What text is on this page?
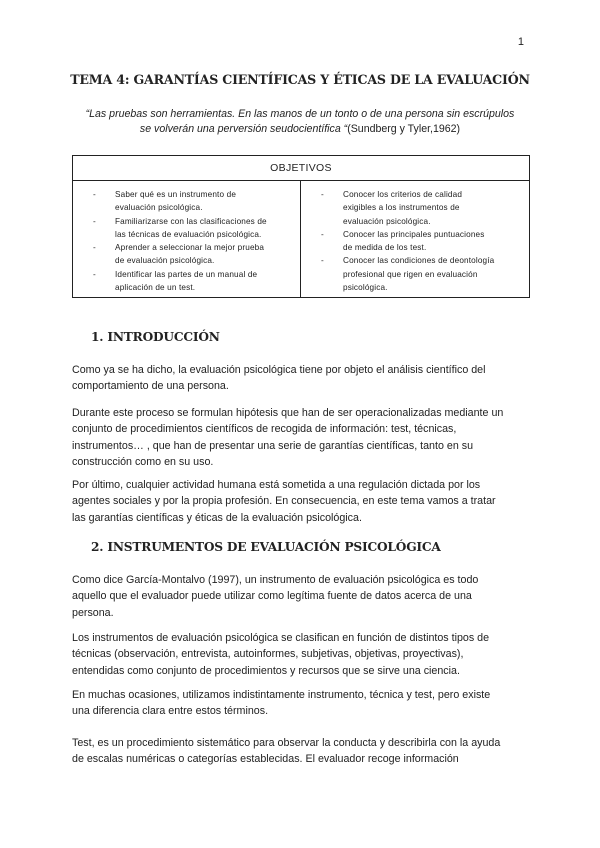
1
TEMA 4: GARANTÍAS CIENTÍFICAS Y ÉTICAS DE LA EVALUACIÓN
“Las pruebas son herramientas. En las manos de un tonto o de una persona sin escrúpulos
se volverán una perversión seudocientífica “(Sundberg y Tyler,1962)
OBJETIVOS
- Saber qué es un instrumento de
evaluación psicológica.
- Familiarizarse con las clasificaciones de
las técnicas de evaluación psicológica.
- Aprender a seleccionar la mejor prueba
de evaluación psicológica.
- Identificar las partes de un manual de
aplicación de un test.
- Conocer los criterios de calidad
exigibles a los instrumentos de
evaluación psicológica.
- Conocer las principales puntuaciones
de medida de los test.
- Conocer las condiciones de deontología
profesional que rigen en evaluación
psicológica.
1. INTRODUCCIÓN
Como ya se ha dicho, la evaluación psicológica tiene por objeto el análisis científico del
comportamiento de una persona.
Durante este proceso se formulan hipótesis que han de ser operacionalizadas mediante un
conjunto de procedimientos científicos de recogida de información: test, técnicas,
instrumentos… , que han de presentar una serie de garantías científicas, tanto en su
construcción como en su uso.
Por último, cualquier actividad humana está sometida a una regulación dictada por los
agentes sociales y por la propia profesión. En consecuencia, en este tema vamos a tratar
las garantías científicas y éticas de la evaluación psicológica.
2. INSTRUMENTOS DE EVALUACIÓN PSICOLÓGICA
Como dice García-Montalvo (1997), un instrumento de evaluación psicológica es todo
aquello que el evaluador puede utilizar como legítima fuente de datos acerca de una
persona.
Los instrumentos de evaluación psicológica se clasifican en función de distintos tipos de
técnicas (observación, entrevista, autoinformes, subjetivas, objetivas, proyectivas),
entendidas como conjunto de procedimientos y recursos que se sirve una ciencia.
En muchas ocasiones, utilizamos indistintamente instrumento, técnica y test, pero existe
una diferencia clara entre estos términos.
Test, es un procedimiento sistemático para observar la conducta y describirla con la ayuda
de escalas numéricas o categorías establecidas. El evaluador recoge información
